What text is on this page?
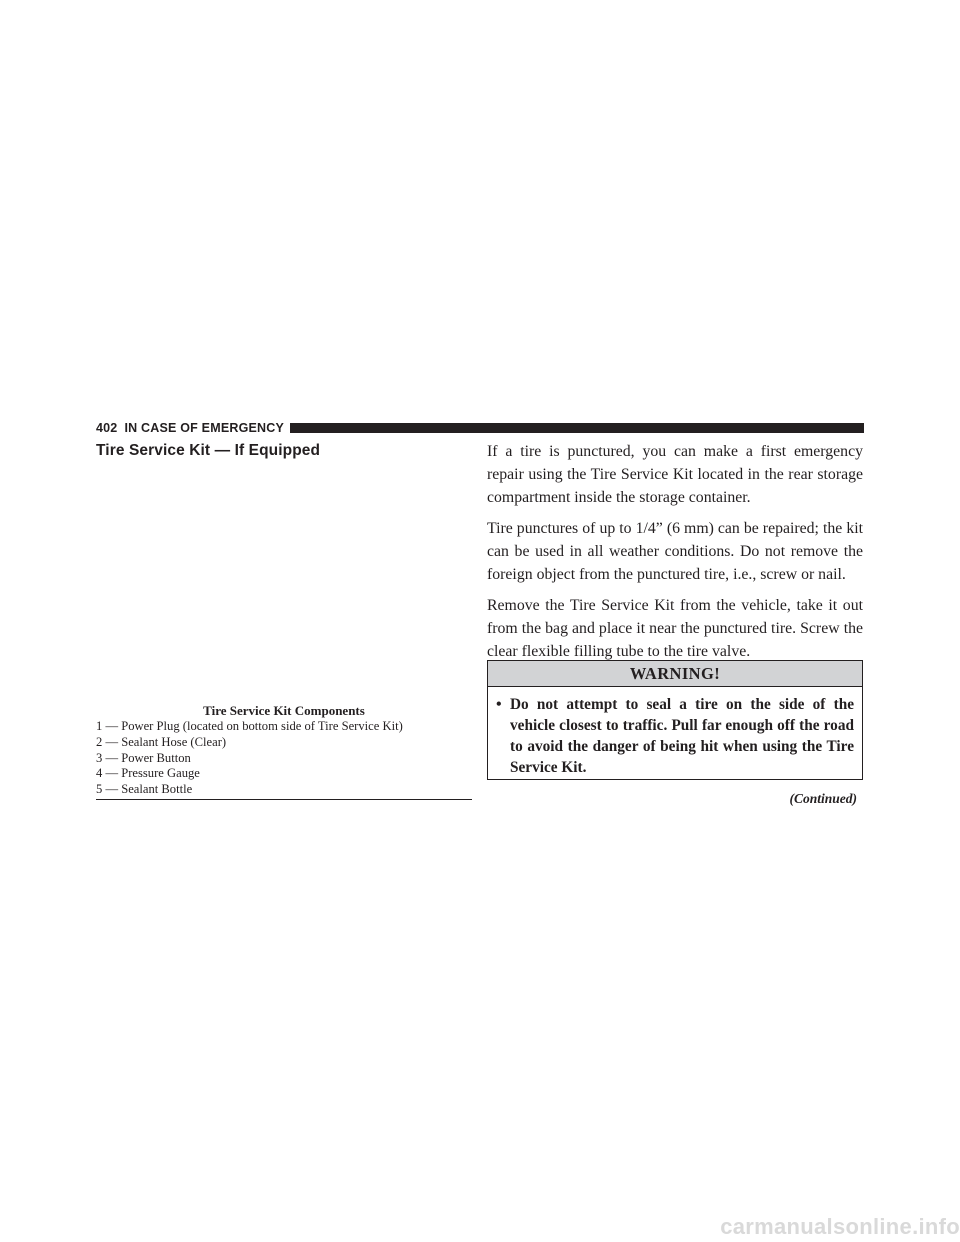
402 IN CASE OF EMERGENCY
Tire Service Kit — If Equipped
Tire Service Kit Components
1 — Power Plug (located on bottom side of Tire Service Kit)
2 — Sealant Hose (Clear)
3 — Power Button
4 — Pressure Gauge
5 — Sealant Bottle

If a tire is punctured, you can make a first emergency repair using the Tire Service Kit located in the rear storage compartment inside the storage container.

Tire punctures of up to 1/4” (6 mm) can be repaired; the kit can be used in all weather conditions. Do not remove the foreign object from the punctured tire, i.e., screw or nail.

Remove the Tire Service Kit from the vehicle, take it out from the bag and place it near the punctured tire. Screw the clear flexible filling tube to the tire valve.

WARNING!
• Do not attempt to seal a tire on the side of the vehicle closest to traffic. Pull far enough off the road to avoid the danger of being hit when using the Tire Service Kit.
(Continued)
carmanualsonline.info
